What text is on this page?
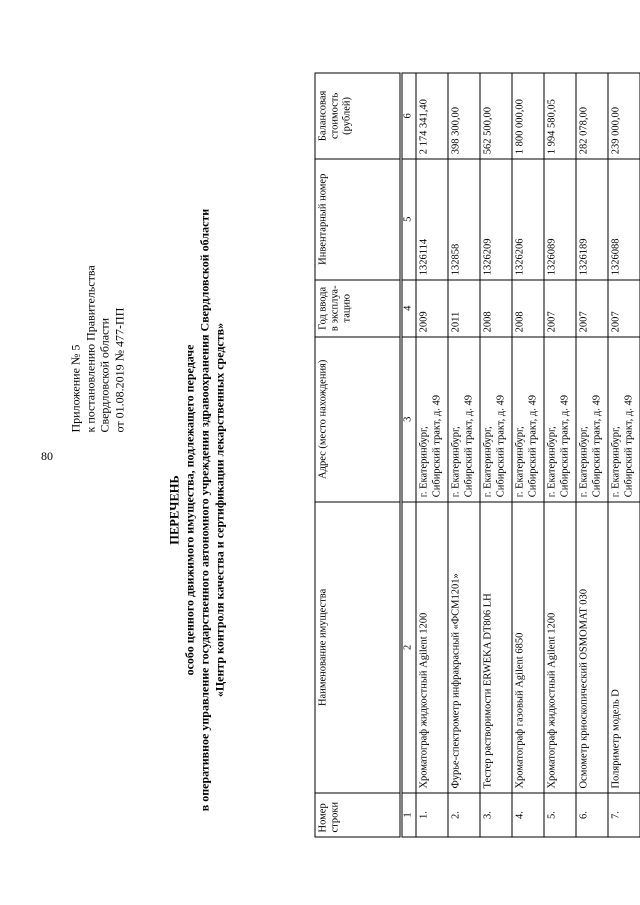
80
Приложение № 5 к постановлению Правительства Свердловской области от 01.08.2019 № 477-ПП
ПЕРЕЧЕНЬ особо ценного движимого имущества, подлежащего передаче в оперативное управление государственного автономного учреждения здравоохранения Свердловской области «Центр контроля качества и сертификации лекарственных средств»
Номер строки	Наименование имущества	Адрес (место нахождения)	Год ввода в эксплуа-тацию	Инвентарный номер	Балансовая стоимость (рублей)
1	2	3	4	5	6
1.	Хроматограф жидкостный Agilent 1200	г. Екатеринбург, Сибирский тракт, д. 49	2009	1326114	2 174 341,40
2.	Фурье-спектрометр инфракрасный «ФСМ1201»	г. Екатеринбург, Сибирский тракт, д. 49	2011	132858	398 300,00
3.	Тестер растворимости ERWEKA DT806 LH	г. Екатеринбург, Сибирский тракт, д. 49	2008	1326209	562 500,00
4.	Хроматограф газовый Agilent 6850	г. Екатеринбург, Сибирский тракт, д. 49	2008	1326206	1 800 000,00
5.	Хроматограф жидкостный Agilent 1200	г. Екатеринбург, Сибирский тракт, д. 49	2007	1326089	1 994 580,05
6.	Осмометр криоскопический OSMOMAT 030	г. Екатеринбург, Сибирский тракт, д. 49	2007	1326189	282 078,00
7.	Поляриметр модель D	г. Екатеринбург, Сибирский тракт, д. 49	2007	1326088	239 000,00
